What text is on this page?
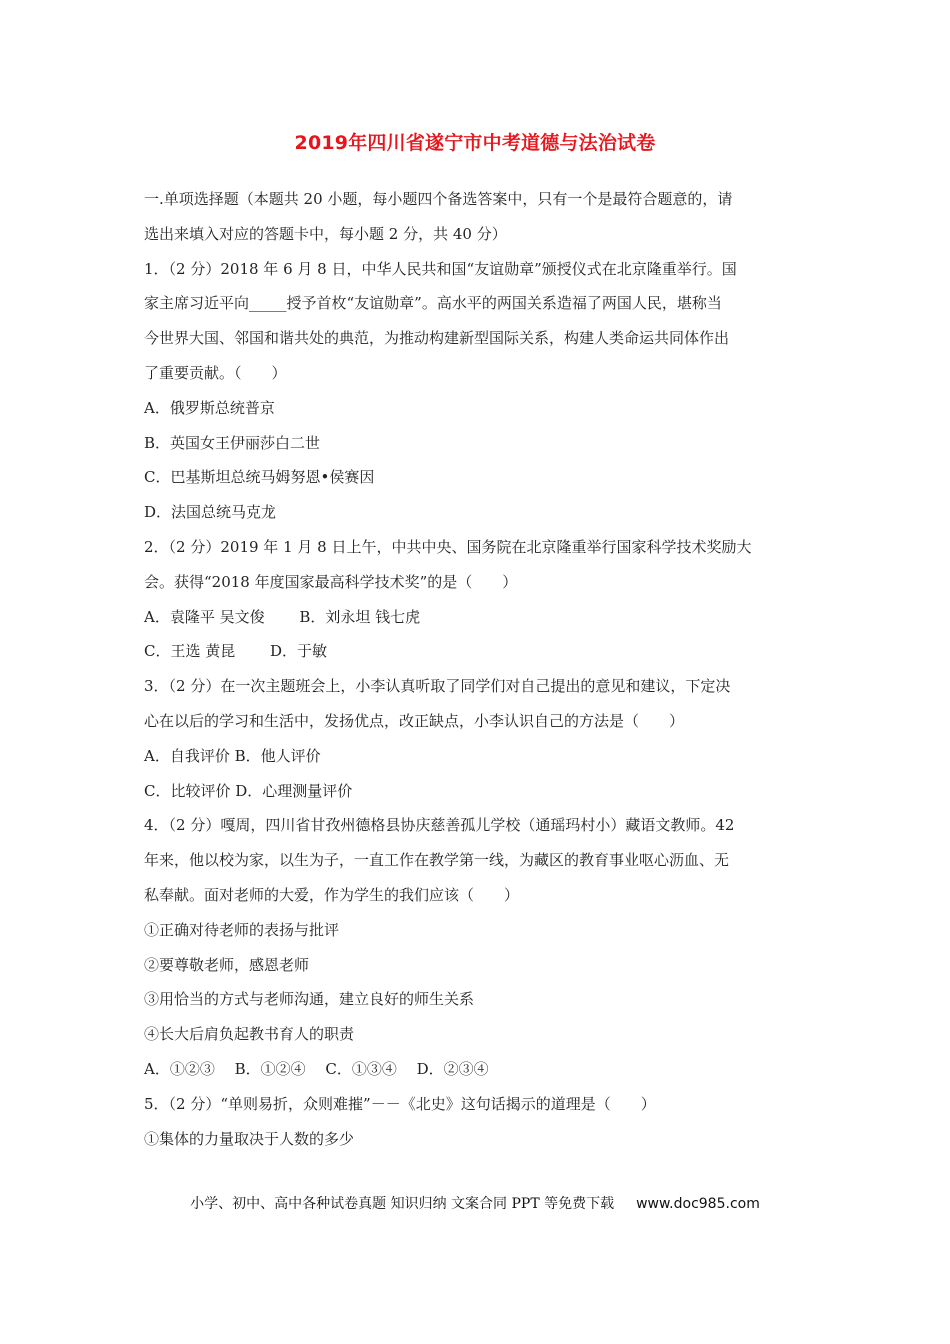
2019年四川省遂宁市中考道德与法治试卷
一.单项选择题（本题共 20 小题，每小题四个备选答案中，只有一个是最符合题意的，请
选出来填入对应的答题卡中，每小题 2 分，共 40 分）
1．（2 分）2018 年 6 月 8 日，中华人民共和国“友谊勋章”颁授仪式在北京隆重举行。国
家主席习近平向_____授予首枚“友谊勋章”。高水平的两国关系造福了两国人民，堪称当
今世界大国、邻国和谐共处的典范，为推动构建新型国际关系，构建人类命运共同体作出
了重要贡献。（　　）
A．俄罗斯总统普京
B．英国女王伊丽莎白二世
C．巴基斯坦总统马姆努恩•侯赛因
D．法国总统马克龙
2．（2 分）2019 年 1 月 8 日上午，中共中央、国务院在北京隆重举行国家科学技术奖励大
会。获得“2018 年度国家最高科学技术奖”的是（　　）
A．袁隆平 吴文俊　　 B．刘永坦 钱七虎
C．王选 黄昆　　 D．于敏
3．（2 分）在一次主题班会上，小李认真听取了同学们对自己提出的意见和建议，下定决
心在以后的学习和生活中，发扬优点，改正缺点，小李认识自己的方法是（　　）
A．自我评价 B．他人评价
C．比较评价 D．心理测量评价
4．（2 分）嘎周，四川省甘孜州德格县协庆慈善孤儿学校（通瑶玛村小）藏语文教师。42
年来，他以校为家，以生为子，一直工作在教学第一线，为藏区的教育事业呕心沥血、无
私奉献。面对老师的大爱，作为学生的我们应该（　　）
①正确对待老师的表扬与批评
②要尊敬老师，感恩老师
③用恰当的方式与老师沟通，建立良好的师生关系
④长大后肩负起教书育人的职责
A．①②③　 B．①②④　 C．①③④　 D．②③④
5．（2 分）“单则易折，众则难摧”－－《北史》这句话揭示的道理是（　　）
①集体的力量取决于人数的多少
小学、初中、高中各种试卷真题 知识归纳 文案合同 PPT 等免费下载 www.doc985.com
